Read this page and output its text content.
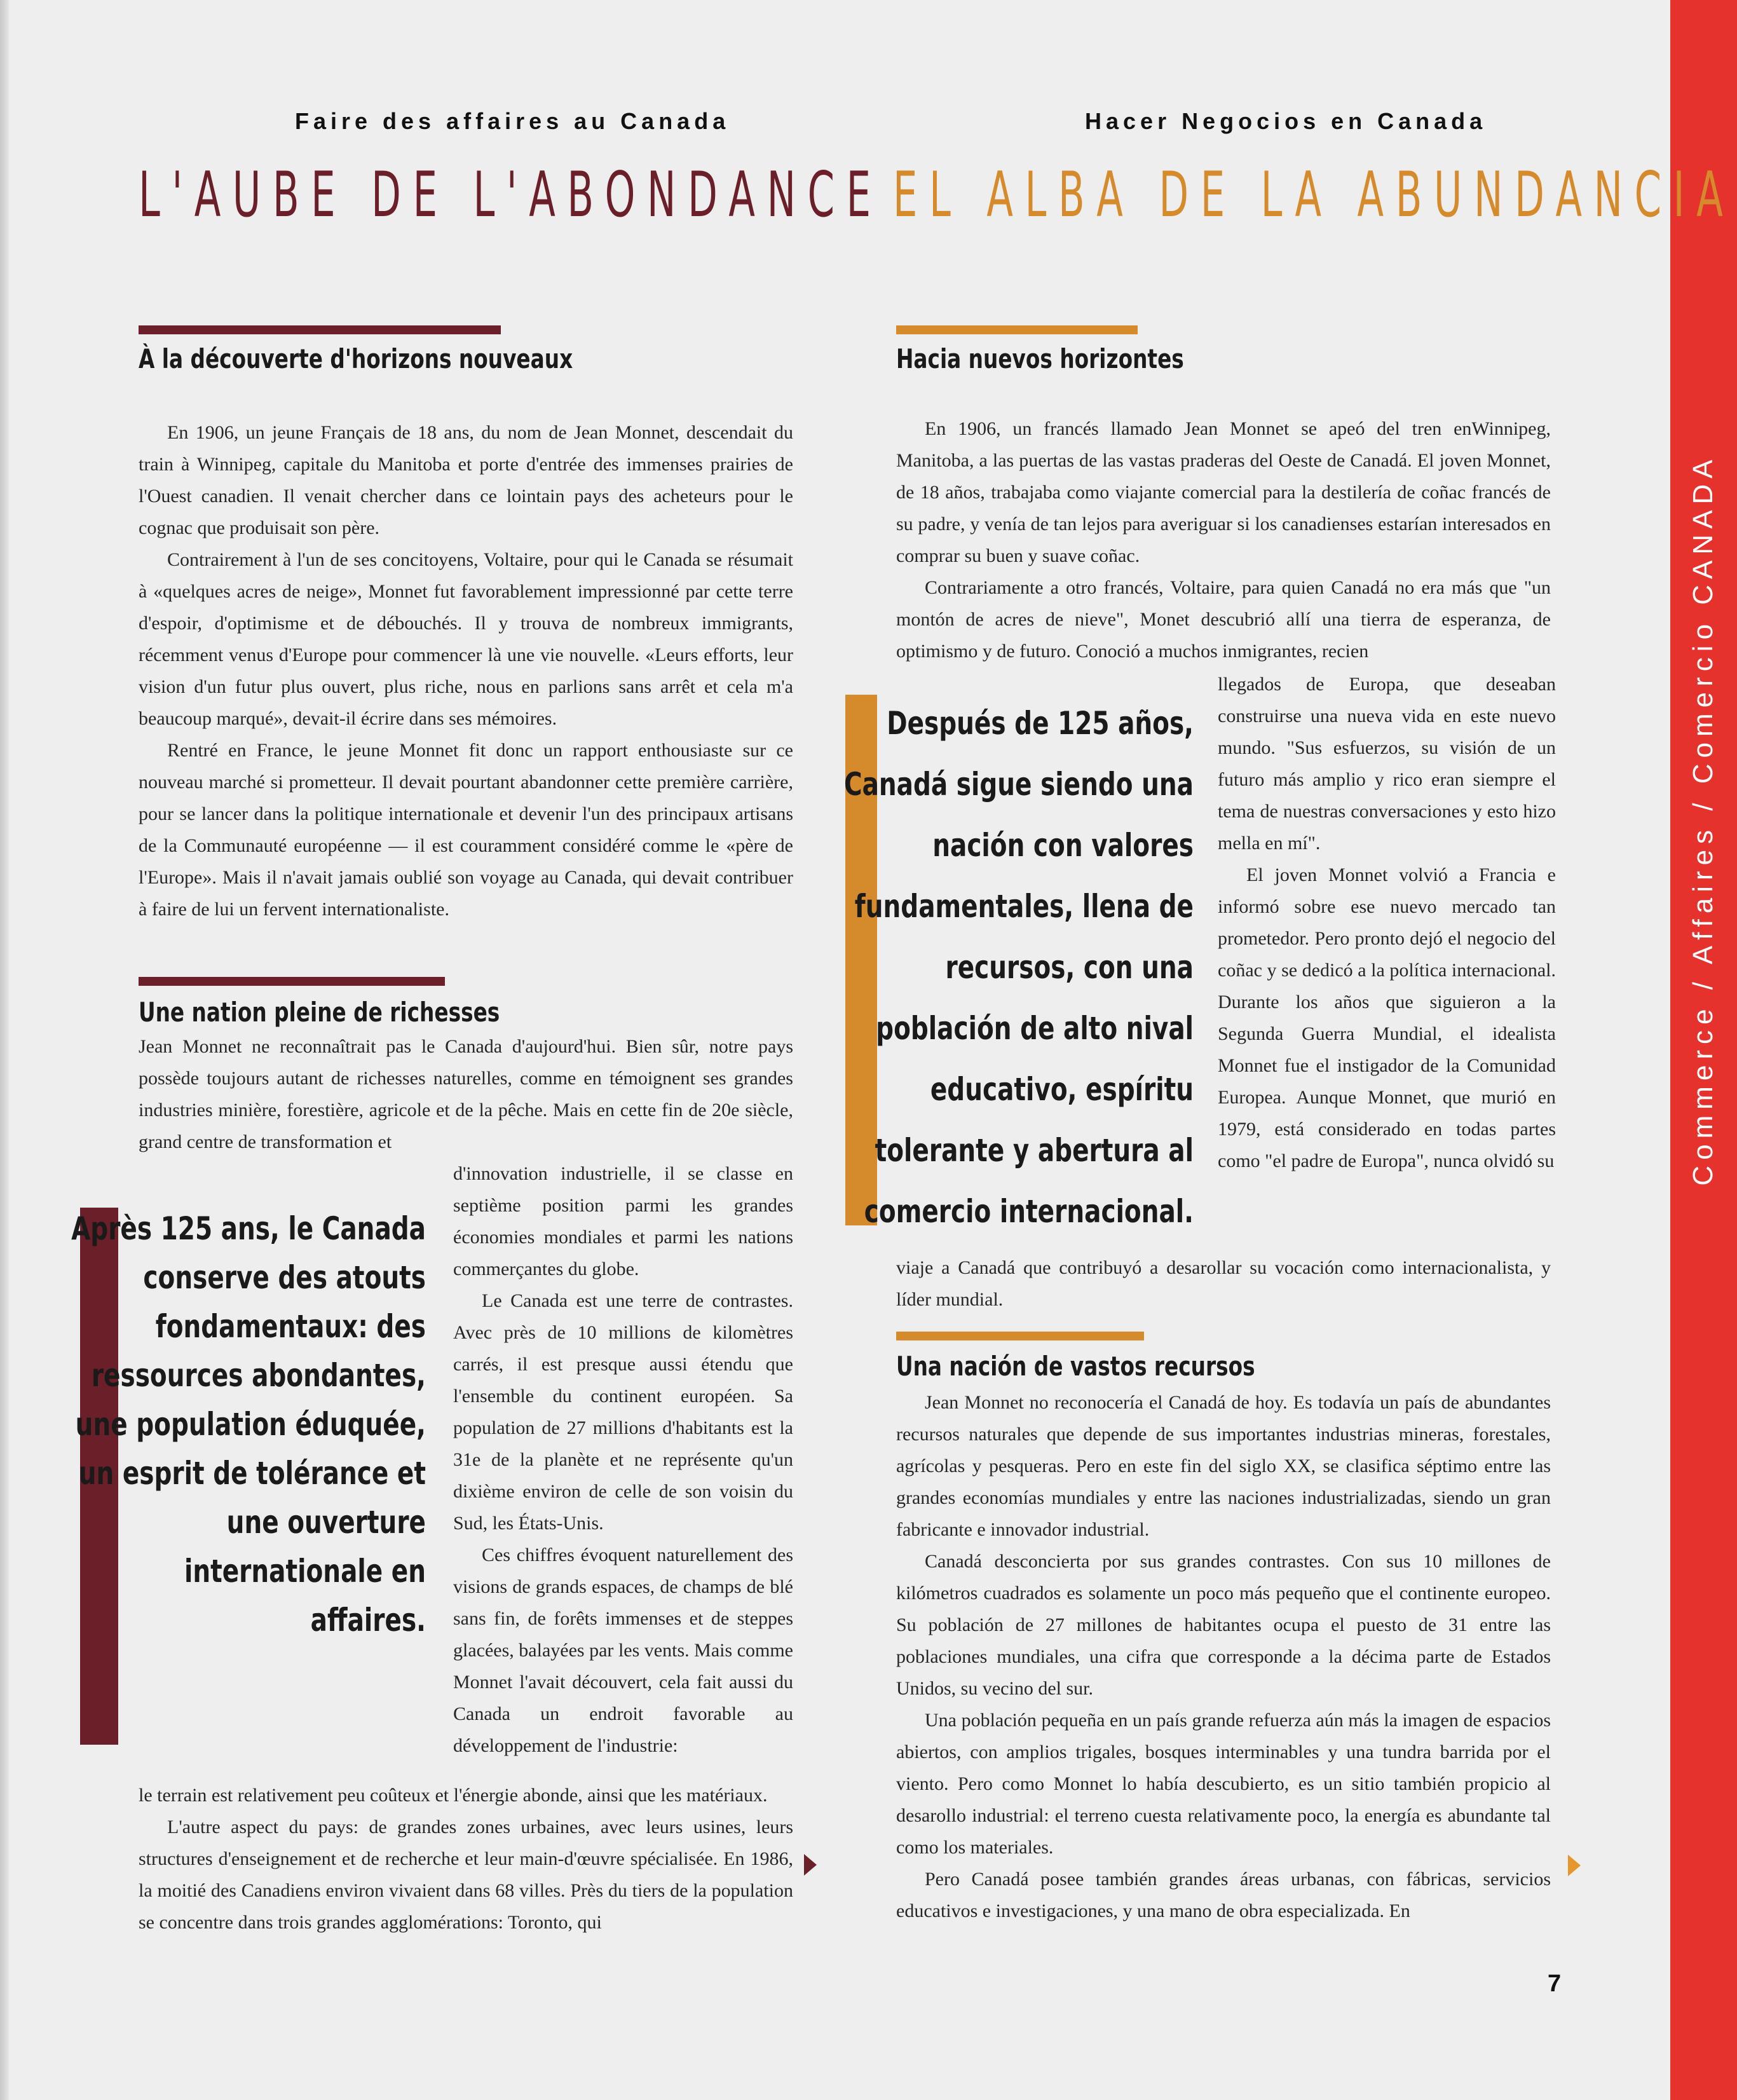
Commerce / Affaires / Comercio CANADA
Faire des affaires au Canada
L'AUBE DE L'ABONDANCE
À la découverte d'horizons nouveaux

En 1906, un jeune Français de 18 ans, du nom de Jean Monnet, descendait du train à Winnipeg, capitale du Manitoba et porte d'entrée des immenses prairies de l'Ouest canadien. Il venait chercher dans ce lointain pays des acheteurs pour le cognac que produisait son père.

Contrairement à l'un de ses concitoyens, Voltaire, pour qui le Canada se résumait à «quelques acres de neige», Monnet fut favorablement impressionné par cette terre d'espoir, d'optimisme et de débouchés. Il y trouva de nombreux immigrants, récemment venus d'Europe pour commencer là une vie nouvelle. «Leurs efforts, leur vision d'un futur plus ouvert, plus riche, nous en parlions sans arrêt et cela m'a beaucoup marqué», devait-il écrire dans ses mémoires.

Rentré en France, le jeune Monnet fit donc un rapport enthousiaste sur ce nouveau marché si prometteur. Il devait pourtant abandonner cette première carrière, pour se lancer dans la politique internationale et devenir l'un des principaux artisans de la Communauté européenne — il est couramment considéré comme le «père de l'Europe». Mais il n'avait jamais oublié son voyage au Canada, qui devait contribuer à faire de lui un fervent internationaliste.

Une nation pleine de richesses

Jean Monnet ne reconnaîtrait pas le Canada d'aujourd'hui. Bien sûr, notre pays possède toujours autant de richesses naturelles, comme en témoignent ses grandes industries minière, forestière, agricole et de la pêche. Mais en cette fin de 20e siècle, grand centre de transformation et

Après 125 ans, le Canada conserve des atouts fondamentaux: des ressources abondantes, une population éduquée, un esprit de tolérance et une ouverture internationale en affaires.

d'innovation industrielle, il se classe en septième position parmi les grandes économies mondiales et parmi les nations commerçantes du globe.

Le Canada est une terre de contrastes. Avec près de 10 millions de kilomètres carrés, il est presque aussi étendu que l'ensemble du continent européen. Sa population de 27 millions d'habitants est la 31e de la planète et ne représente qu'un dixième environ de celle de son voisin du Sud, les États-Unis.

Ces chiffres évoquent naturellement des visions de grands espaces, de champs de blé sans fin, de forêts immenses et de steppes glacées, balayées par les vents. Mais comme Monnet l'avait découvert, cela fait aussi du Canada un endroit favorable au développement de l'industrie:

le terrain est relativement peu coûteux et l'énergie abonde, ainsi que les matériaux.

L'autre aspect du pays: de grandes zones urbaines, avec leurs usines, leurs structures d'enseignement et de recherche et leur main-d'œuvre spécialisée. En 1986, la moitié des Canadiens environ vivaient dans 68 villes. Près du tiers de la population se concentre dans trois grandes agglomérations: Toronto, qui

Hacer Negocios en Canada
EL ALBA DE LA ABUNDANCIA
Hacia nuevos horizontes

En 1906, un francés llamado Jean Monnet se apeó del tren enWinnipeg, Manitoba, a las puertas de las vastas praderas del Oeste de Canadá. El joven Monnet, de 18 años, trabajaba como viajante comercial para la destilería de coñac francés de su padre, y venía de tan lejos para averiguar si los canadienses estarían interesados en comprar su buen y suave coñac.

Contrariamente a otro francés, Voltaire, para quien Canadá no era más que "un montón de acres de nieve", Monet descubrió allí una tierra de esperanza, de optimismo y de futuro. Conoció a muchos inmigrantes, recien

Después de 125 años, Canadá sigue siendo una nación con valores fundamentales, llena de recursos, con una población de alto nival educativo, espíritu tolerante y abertura al comercio internacional.

llegados de Europa, que deseaban construirse una nueva vida en este nuevo mundo. "Sus esfuerzos, su visión de un futuro más amplio y rico eran siempre el tema de nuestras conversaciones y esto hizo mella en mí".

El joven Monnet volvió a Francia e informó sobre ese nuevo mercado tan prometedor. Pero pronto dejó el negocio del coñac y se dedicó a la política internacional. Durante los años que siguieron a la Segunda Guerra Mundial, el idealista Monnet fue el instigador de la Comunidad Europea. Aunque Monnet, que murió en 1979, está considerado en todas partes como "el padre de Europa", nunca olvidó su

viaje a Canadá que contribuyó a desarollar su vocación como internacionalista, y líder mundial.

Una nación de vastos recursos

Jean Monnet no reconocería el Canadá de hoy. Es todavía un país de abundantes recursos naturales que depende de sus importantes industrias mineras, forestales, agrícolas y pesqueras. Pero en este fin del siglo XX, se clasifica séptimo entre las grandes economías mundiales y entre las naciones industrializadas, siendo un gran fabricante e innovador industrial.

Canadá desconcierta por sus grandes contrastes. Con sus 10 millones de kilómetros cuadrados es solamente un poco más pequeño que el continente europeo. Su población de 27 millones de habitantes ocupa el puesto de 31 entre las poblaciones mundiales, una cifra que corresponde a la décima parte de Estados Unidos, su vecino del sur.

Una población pequeña en un país grande refuerza aún más la imagen de espacios abiertos, con amplios trigales, bosques interminables y una tundra barrida por el viento. Pero como Monnet lo había descubierto, es un sitio también propicio al desarollo industrial: el terreno cuesta relativamente poco, la energía es abundante tal como los materiales.

Pero Canadá posee también grandes áreas urbanas, con fábricas, servicios educativos e investigaciones, y una mano de obra especializada. En

7
